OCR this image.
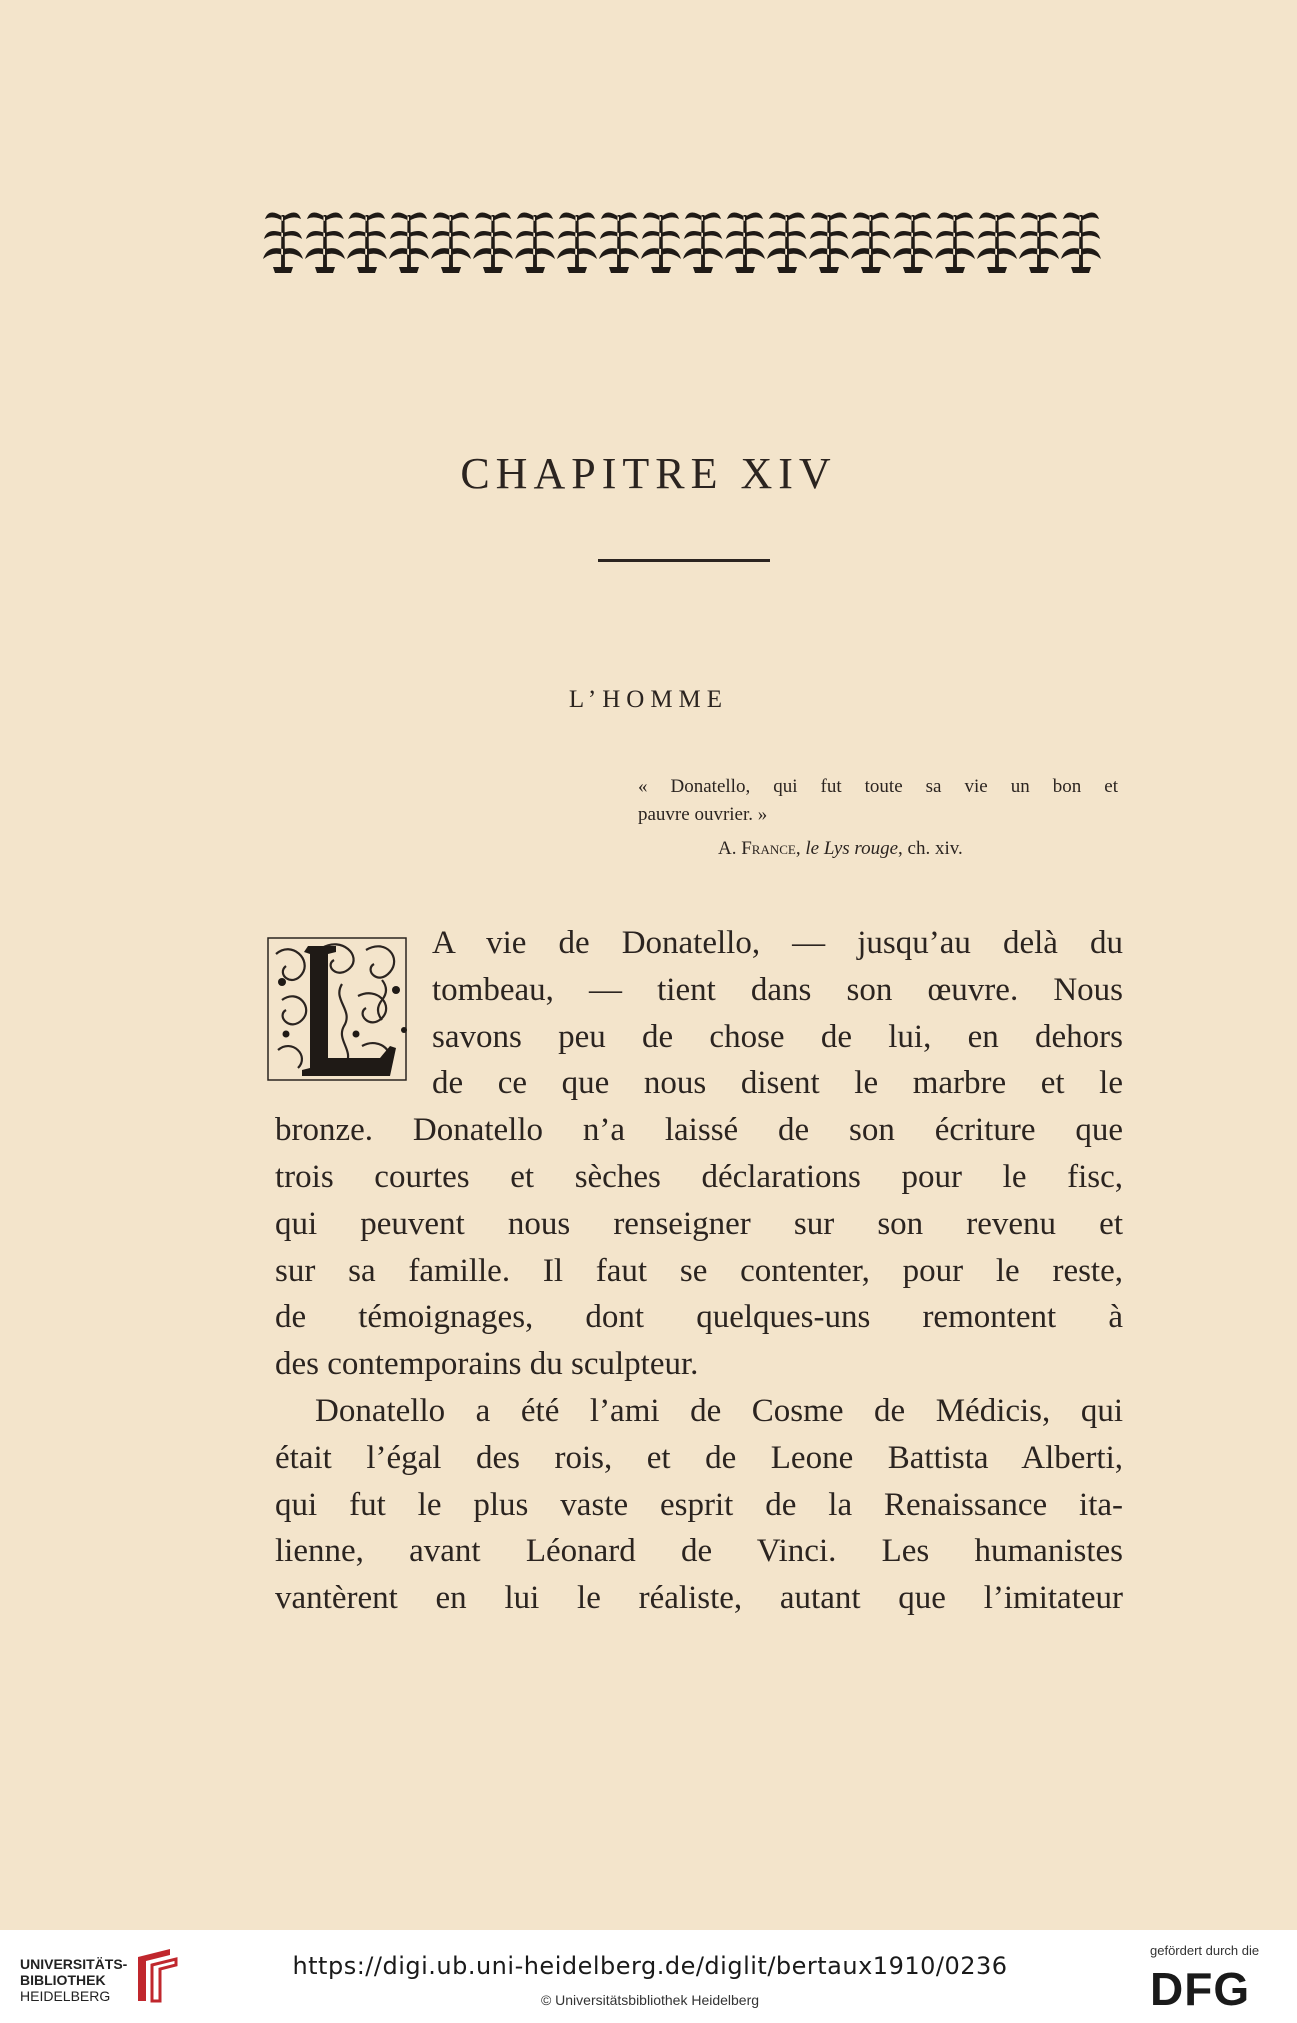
CHAPITRE XIV
L’HOMME
« Donatello, qui fut toute sa vie un bon et
pauvre ouvrier. »
A. France, le Lys rouge, ch. xiv.
A vie de Donatello, — jusqu’au delà du
tombeau, — tient dans son œuvre. Nous
savons peu de chose de lui, en dehors
de ce que nous disent le marbre et le
bronze. Donatello n’a laissé de son écriture que
trois courtes et sèches déclarations pour le fisc,
qui peuvent nous renseigner sur son revenu et
sur sa famille. Il faut se contenter, pour le reste,
de témoignages, dont quelques-uns remontent à
des contemporains du sculpteur.
Donatello a été l’ami de Cosme de Médicis, qui
était l’égal des rois, et de Leone Battista Alberti,
qui fut le plus vaste esprit de la Renaissance ita-
lienne, avant Léonard de Vinci. Les humanistes
vantèrent en lui le réaliste, autant que l’imitateur
UNIVERSITÄTS-
BIBLIOTHEK
HEIDELBERG
https://digi.ub.uni-heidelberg.de/diglit/bertaux1910/0236
© Universitätsbibliothek Heidelberg
gefördert durch die
DFG
